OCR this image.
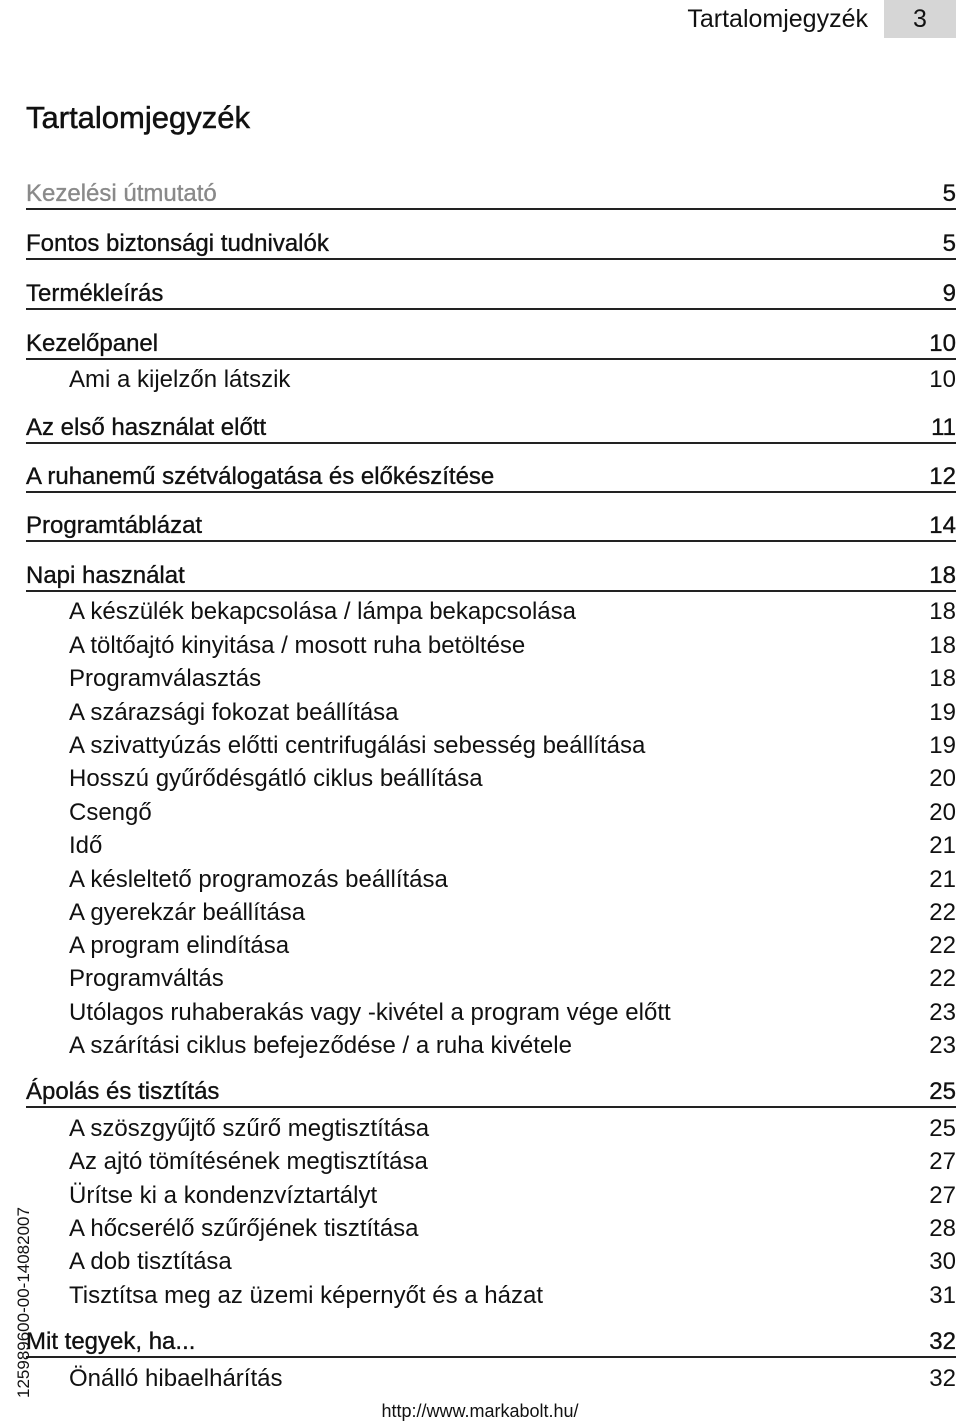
Tartalomjegyzék	3
Tartalomjegyzék
Kezelési útmutató	5
Fontos biztonsági tudnivalók	5
Termékleírás	9
Kezelőpanel	10
Ami a kijelzőn látszik	10
Az első használat előtt	11
A ruhanemű szétválogatása és előkészítése	12
Programtáblázat	14
Napi használat	18
A készülék bekapcsolása / lámpa bekapcsolása	18
A töltőajtó kinyitása / mosott ruha betöltése	18
Programválasztás	18
A szárazsági fokozat beállítása	19
A szivattyúzás előtti centrifugálási sebesség beállítása	19
Hosszú gyűrődésgátló ciklus beállítása	20
Csengő	20
Idő	21
A késleltető programozás beállítása	21
A gyerekzár beállítása	22
A program elindítása	22
Programváltás	22
Utólagos ruhaberakás vagy -kivétel a program vége előtt	23
A szárítási ciklus befejeződése / a ruha kivétele	23
Ápolás és tisztítás	25
A szöszgyűjtő szűrő megtisztítása	25
Az ajtó tömítésének megtisztítása	27
Ürítse ki a kondenzvíztartályt	27
A hőcserélő szűrőjének tisztítása	28
A dob tisztítása	30
Tisztítsa meg az üzemi képernyőt és a házat	31
Mit tegyek, ha...	32
Önálló hibaelhárítás	32
125989600-00-14082007
http://www.markabolt.hu/
